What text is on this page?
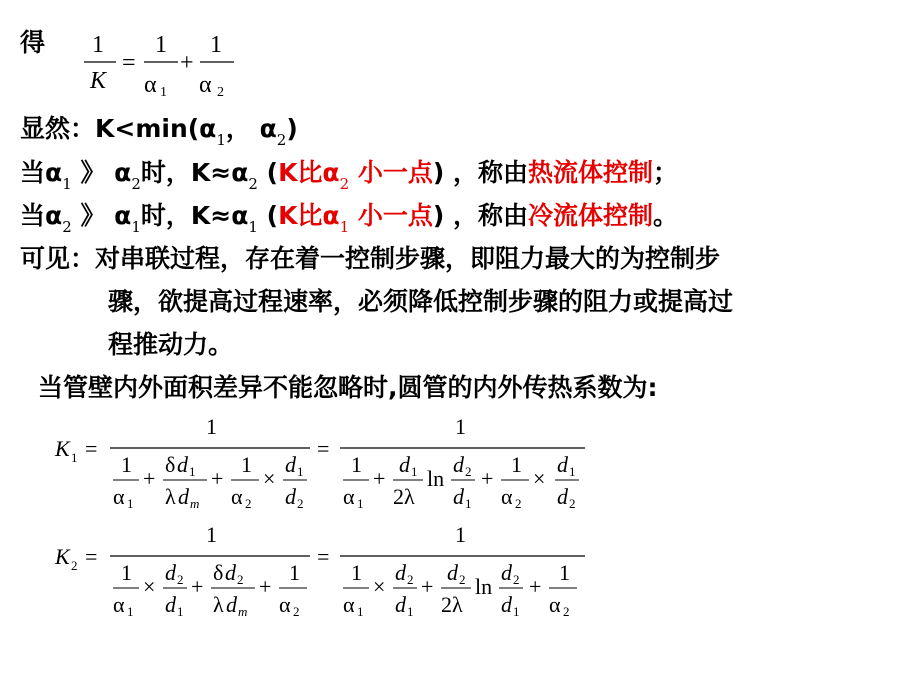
得 1
K
=
1
α 1
+
1
α 2
显然：$K<\min(\alpha_1$， $\alpha_2$)
当$\alpha_1$ 》 $\alpha_2$时，$K\approx\alpha_2$ (K比$\alpha_2$ 小一点) ，称由热流体控制；
当$\alpha_2$ 》 $\alpha_1$时，$K\approx\alpha_1$ (K比$\alpha_1$ 小一点) ，称由冷流体控制。
可见：对串联过程，存在着一控制步骤，即阻力最大的为控制步
骤，欲提高过程速率，必须降低控制步骤的阻力或提高过
程推动力。
当管壁内外面积差异不能忽略时,圆管的内外传热系数为:
K 1 =
1
1
α 1
+
δ d 1
λ d m
+
1
α 2
×
d 1
d 2
=
1
1
α 1
+
d 1
2λ
ln
d 2
d 1
+
1
α 2
×
d 1
d 2
K 2 =
1
1
α 1
×
d 2
d 1
+
δ d 2
λ d m
+
1
α 2
=
1
1
α 1
×
d 2
d 1
+
d 2
2λ
ln
d 2
d 1
+
1
α 2
